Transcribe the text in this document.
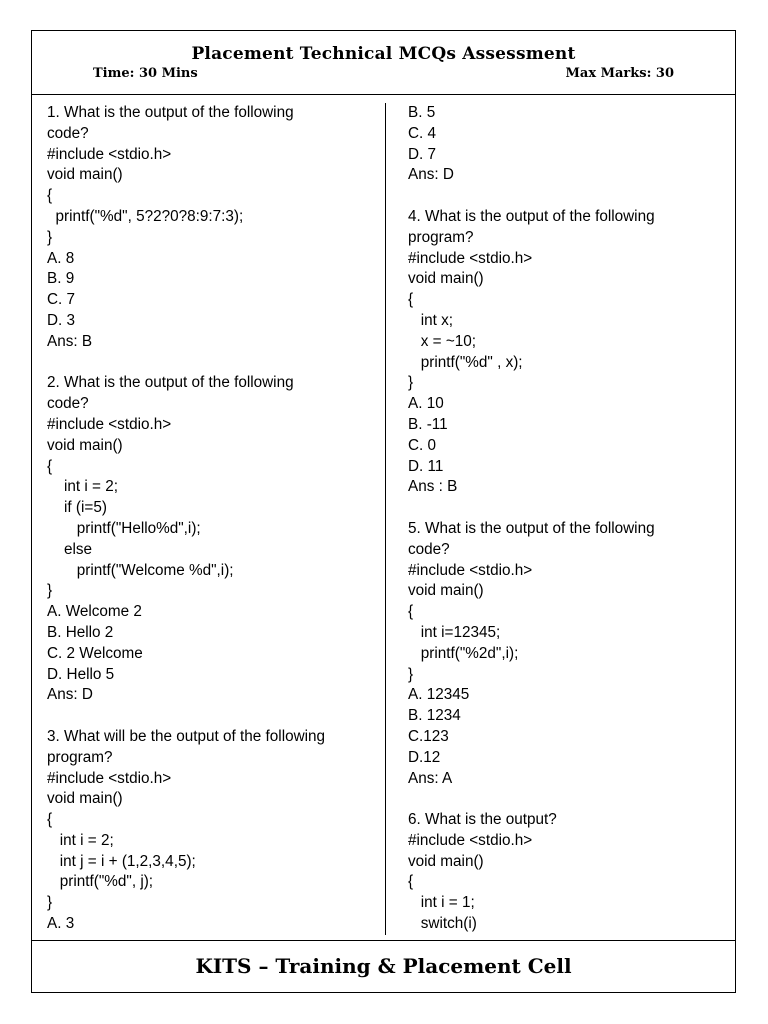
Placement Technical MCQs Assessment
Time: 30 Mins	Max Marks: 30
1. What is the output of the following
code?
#include <stdio.h>
void main()
{
printf("%d", 5?2?0?8:9:7:3);
}
A. 8
B. 9
C. 7
D. 3
Ans: B
2. What is the output of the following
code?
#include <stdio.h>
void main()
{
int i = 2;
if (i=5)
printf("Hello%d",i);
else
printf("Welcome %d",i);
}
A. Welcome 2
B. Hello 2
C. 2 Welcome
D. Hello 5
Ans: D
3. What will be the output of the following
program?
#include <stdio.h>
void main()
{
int i = 2;
int j = i + (1,2,3,4,5);
printf("%d", j);
}
A. 3
B. 5
C. 4
D. 7
Ans: D
4. What is the output of the following
program?
#include <stdio.h>
void main()
{
int x;
x = ~10;
printf("%d" , x);
}
A. 10
B. -11
C. 0
D. 11
Ans : B
5. What is the output of the following
code?
#include <stdio.h>
void main()
{
int i=12345;
printf("%2d",i);
}
A. 12345
B. 1234
C.123
D.12
Ans: A
6. What is the output?
#include <stdio.h>
void main()
{
int i = 1;
switch(i)
KITS – Training & Placement Cell
